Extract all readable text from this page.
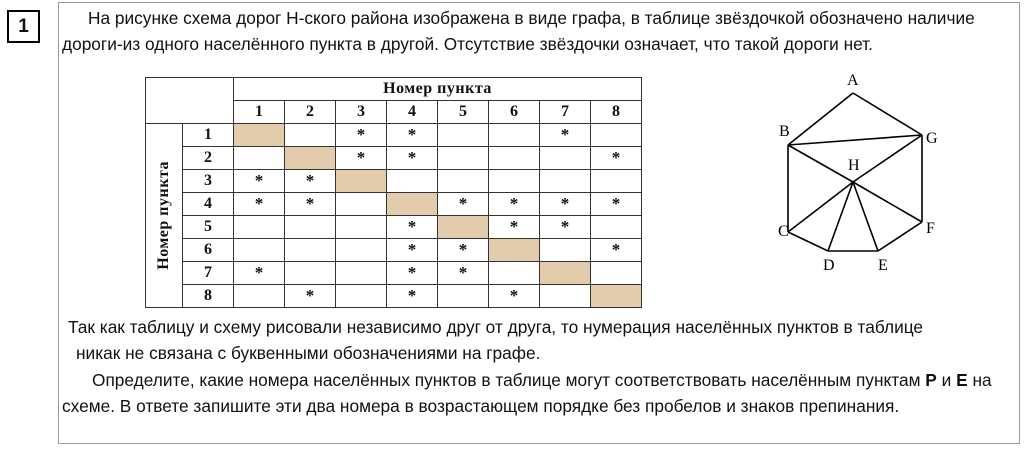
1	На рисунке схема дорог Н-ского района изображена в виде графа, в таблице звёздочкой обозначено наличие дороги-из одного населённого пункта в другой. Отсутствие звёздочки означает, что такой дороги нет.

		Номер пункта							
		1	2	3	4	5	6	7	8

Номер пункта	1			*	*			*	
	2			*	*				*
	3	*	*						
	4	*	*			*	*	*	*
	5				*		*	*	
	6				*	*			*
	7	*			*	*			
	8		*		*		*		
A
B	G
H
C	F
D	E

Так как таблицу и схему рисовали независимо друг от друга, то нумерация населённых пунктов в таблице
никак не связана с буквенными обозначениями на графе.

Определите, какие номера населённых пунктов в таблице могут соответствовать населённым пунктам Р и Е на схеме. В ответе запишите эти два номера в возрастающем порядке без пробелов и знаков препинания.
